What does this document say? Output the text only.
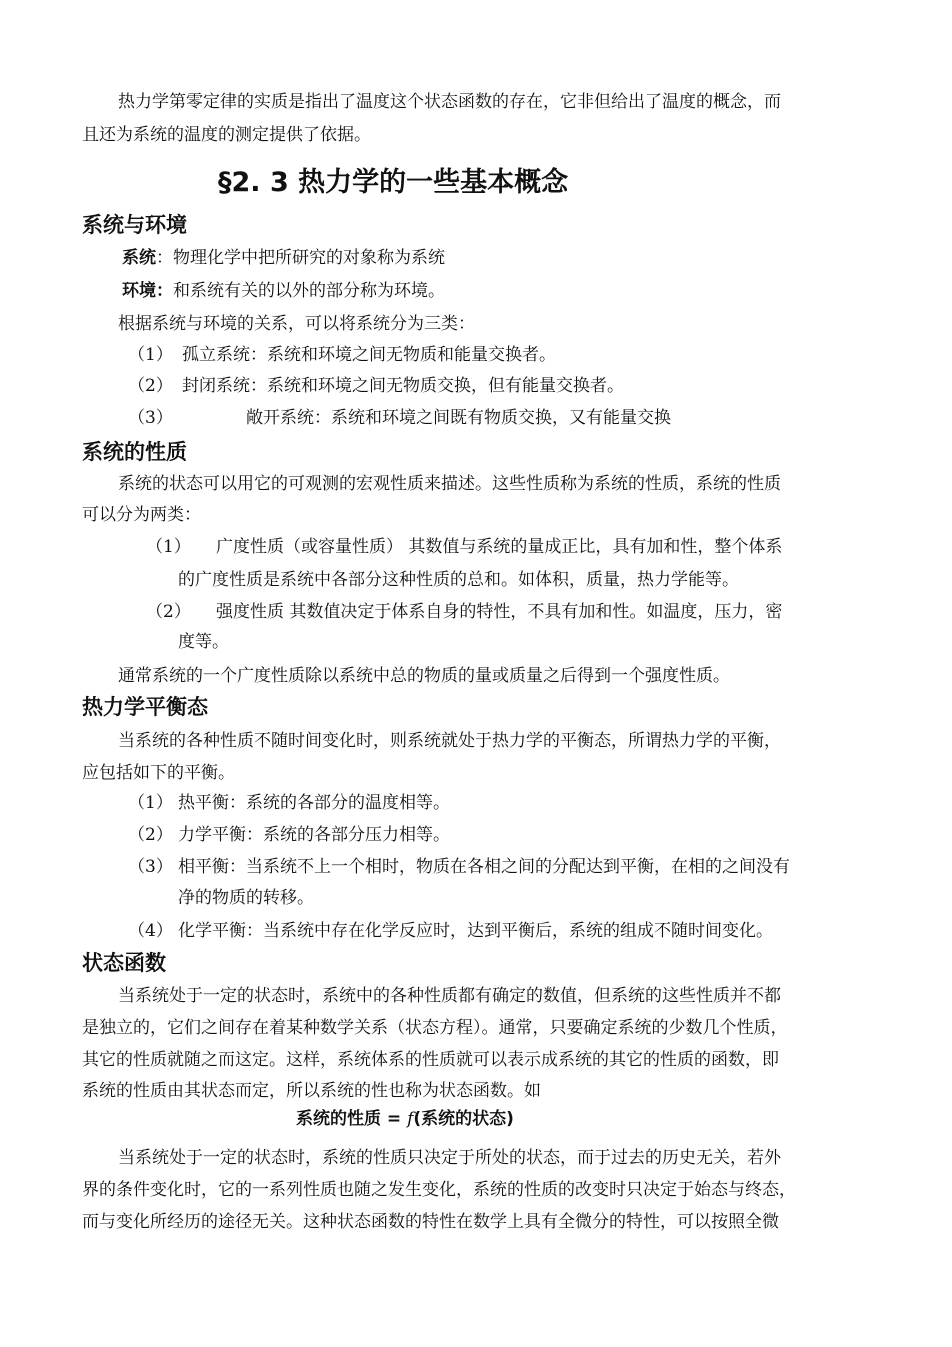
热力学第零定律的实质是指出了温度这个状态函数的存在，它非但给出了温度的概念，而
且还为系统的温度的测定提供了依据。
§2. 3 热力学的一些基本概念
系统与环境
系统：物理化学中把所研究的对象称为系统
环境：和系统有关的以外的部分称为环境。
根据系统与环境的关系，可以将系统分为三类：
（1） 孤立系统：系统和环境之间无物质和能量交换者。
（2） 封闭系统：系统和环境之间无物质交换，但有能量交换者。
（3）	敞开系统：系统和环境之间既有物质交换，又有能量交换
系统的性质
系统的状态可以用它的可观测的宏观性质来描述。这些性质称为系统的性质，系统的性质
可以分为两类：
（1） 广度性质（或容量性质） 其数值与系统的量成正比，具有加和性，整个体系
的广度性质是系统中各部分这种性质的总和。如体积，质量，热力学能等。
（2） 强度性质 其数值决定于体系自身的特性，不具有加和性。如温度，压力，密
度等。
通常系统的一个广度性质除以系统中总的物质的量或质量之后得到一个强度性质。
热力学平衡态
当系统的各种性质不随时间变化时，则系统就处于热力学的平衡态，所谓热力学的平衡，
应包括如下的平衡。
（1） 热平衡：系统的各部分的温度相等。
（2） 力学平衡：系统的各部分压力相等。
（3） 相平衡：当系统不上一个相时，物质在各相之间的分配达到平衡，在相的之间没有
净的物质的转移。
（4） 化学平衡：当系统中存在化学反应时，达到平衡后，系统的组成不随时间变化。
状态函数
当系统处于一定的状态时，系统中的各种性质都有确定的数值，但系统的这些性质并不都
是独立的，它们之间存在着某种数学关系（状态方程）。通常，只要确定系统的少数几个性质，
其它的性质就随之而这定。这样，系统体系的性质就可以表示成系统的其它的性质的函数，即
系统的性质由其状态而定，所以系统的性也称为状态函数。如
系统的性质 = f(系统的状态)
当系统处于一定的状态时，系统的性质只决定于所处的状态，而于过去的历史无关，若外
界的条件变化时，它的一系列性质也随之发生变化，系统的性质的改变时只决定于始态与终态，
而与变化所经历的途径无关。这种状态函数的特性在数学上具有全微分的特性，可以按照全微
